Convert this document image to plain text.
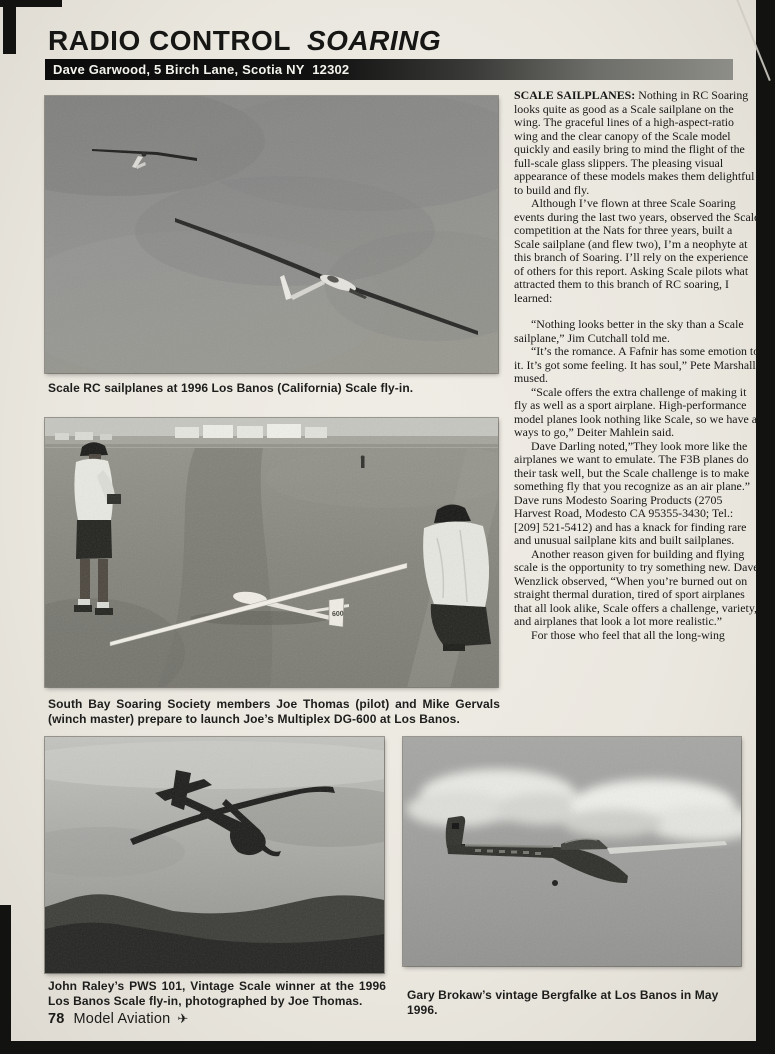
RADIO CONTROL SOARING
Dave Garwood, 5 Birch Lane, Scotia NY  12302
Scale RC sailplanes at 1996 Los Banos (California) Scale fly-in.
600
South Bay Soaring Society members Joe Thomas (pilot) and Mike Gervals (winch master) prepare to launch Joe’s Multiplex DG-600 at Los Banos.
John Raley’s PWS 101, Vintage Scale winner at the 1996 Los Banos Scale fly-in, photographed by Joe Thomas.	Gary Brokaw’s vintage Bergfalke at Los Banos in May 1996.

SCALE SAILPLANES: Nothing in RC Soaring looks quite as good as a Scale sailplane on the wing. The graceful lines of a high-aspect-ratio wing and the clear canopy of the Scale model quickly and easily bring to mind the flight of the full-scale glass slippers. The pleasing visual appearance of these models makes them delightful to build and fly.

Although I’ve flown at three Scale Soaring events during the last two years, observed the Scale competition at the Nats for three years, built a Scale sailplane (and flew two), I’m a neophyte at this branch of Soaring. I’ll rely on the experience of others for this report. Asking Scale pilots what attracted them to this branch of RC soaring, I learned:

“Nothing looks better in the sky than a Scale sailplane,” Jim Cutchall told me.

“It’s the romance. A Fafnir has some emotion to it. It’s got some feeling. It has soul,” Pete Marshall mused.

“Scale offers the extra challenge of making it fly as well as a sport airplane. High-performance model planes look nothing like Scale, so we have a ways to go,” Deiter Mahlein said.

Dave Darling noted,”They look more like the airplanes we want to emulate. The F3B planes do their task well, but the Scale challenge is to make something fly that you recognize as an air plane.” Dave runs Modesto Soaring Products (2705 Harvest Road, Modesto CA 95355-3430; Tel.: [209] 521-5412) and has a knack for finding rare and unusual sailplane kits and built sailplanes.

Another reason given for building and flying scale is the opportunity to try something new. Dave Wenzlick observed, “When you’re burned out on straight thermal duration, tired of sport airplanes that all look alike, Scale offers a challenge, variety, and airplanes that look a lot more realistic.”

For those who feel that all the long-wing

78 Model Aviation ✈
